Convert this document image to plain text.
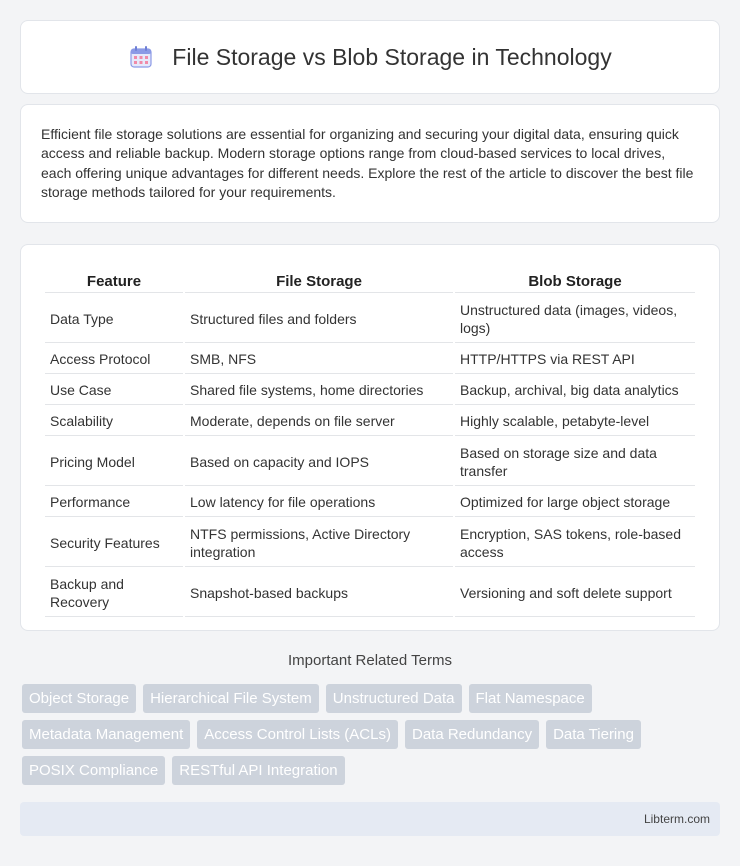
File Storage vs Blob Storage in Technology

Efficient file storage solutions are essential for organizing and securing your digital data, ensuring quick access and reliable backup. Modern storage options range from cloud-based services to local drives, each offering unique advantages for different needs. Explore the rest of the article to discover the best file storage methods tailored for your requirements.

Feature	File Storage	Blob Storage
Data Type	Structured files and folders	Unstructured data (images, videos, logs)
Access Protocol	SMB, NFS	HTTP/HTTPS via REST API
Use Case	Shared file systems, home directories	Backup, archival, big data analytics
Scalability	Moderate, depends on file server	Highly scalable, petabyte-level
Pricing Model	Based on capacity and IOPS	Based on storage size and data transfer
Performance	Low latency for file operations	Optimized for large object storage
Security Features	NTFS permissions, Active Directory integration	Encryption, SAS tokens, role-based access
Backup and Recovery	Snapshot-based backups	Versioning and soft delete support
Important Related Terms
Object Storage	Hierarchical File System	Unstructured Data	Flat Namespace
Metadata Management	Access Control Lists (ACLs)	Data Redundancy	Data Tiering
POSIX Compliance	RESTful API Integration
Libterm.com
